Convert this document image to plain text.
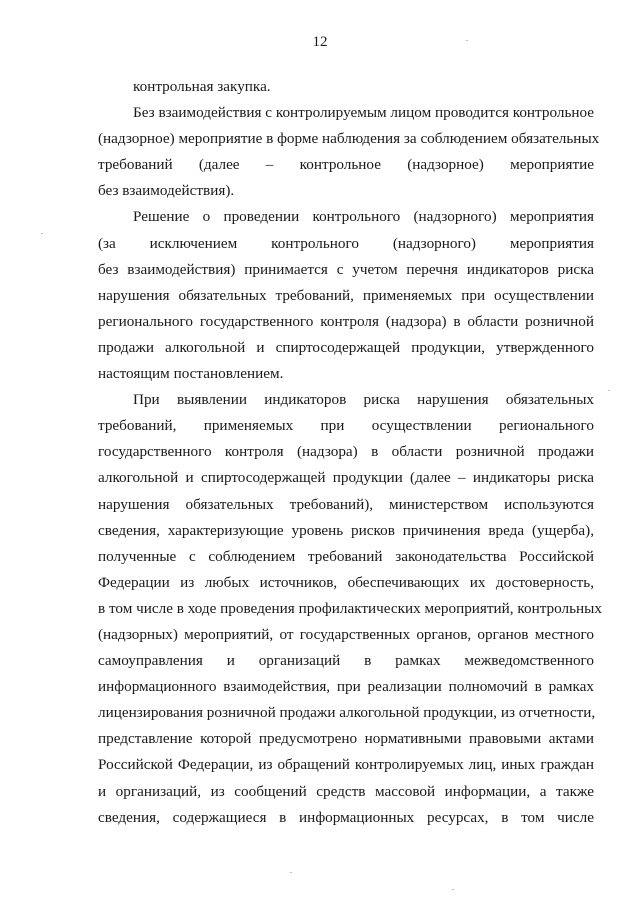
12
контрольная закупка.
Без взаимодействия с контролируемым лицом проводится контрольное
(надзорное) мероприятие в форме наблюдения за соблюдением обязательных
требований (далее – контрольное (надзорное) мероприятие
без взаимодействия).
Решение о проведении контрольного (надзорного) мероприятия
(за исключением контрольного (надзорного) мероприятия
без взаимодействия) принимается с учетом перечня индикаторов риска
нарушения обязательных требований, применяемых при осуществлении
регионального государственного контроля (надзора) в области розничной
продажи алкогольной и спиртосодержащей продукции, утвержденного
настоящим постановлением.
При выявлении индикаторов риска нарушения обязательных
требований, применяемых при осуществлении регионального
государственного контроля (надзора) в области розничной продажи
алкогольной и спиртосодержащей продукции (далее – индикаторы риска
нарушения обязательных требований), министерством используются
сведения, характеризующие уровень рисков причинения вреда (ущерба),
полученные с соблюдением требований законодательства Российской
Федерации из любых источников, обеспечивающих их достоверность,
в том числе в ходе проведения профилактических мероприятий, контрольных
(надзорных) мероприятий, от государственных органов, органов местного
самоуправления и организаций в рамках межведомственного
информационного взаимодействия, при реализации полномочий в рамках
лицензирования розничной продажи алкогольной продукции, из отчетности,
представление которой предусмотрено нормативными правовыми актами
Российской Федерации, из обращений контролируемых лиц, иных граждан
и организаций, из сообщений средств массовой информации, а также
сведения, содержащиеся в информационных ресурсах, в том числе
